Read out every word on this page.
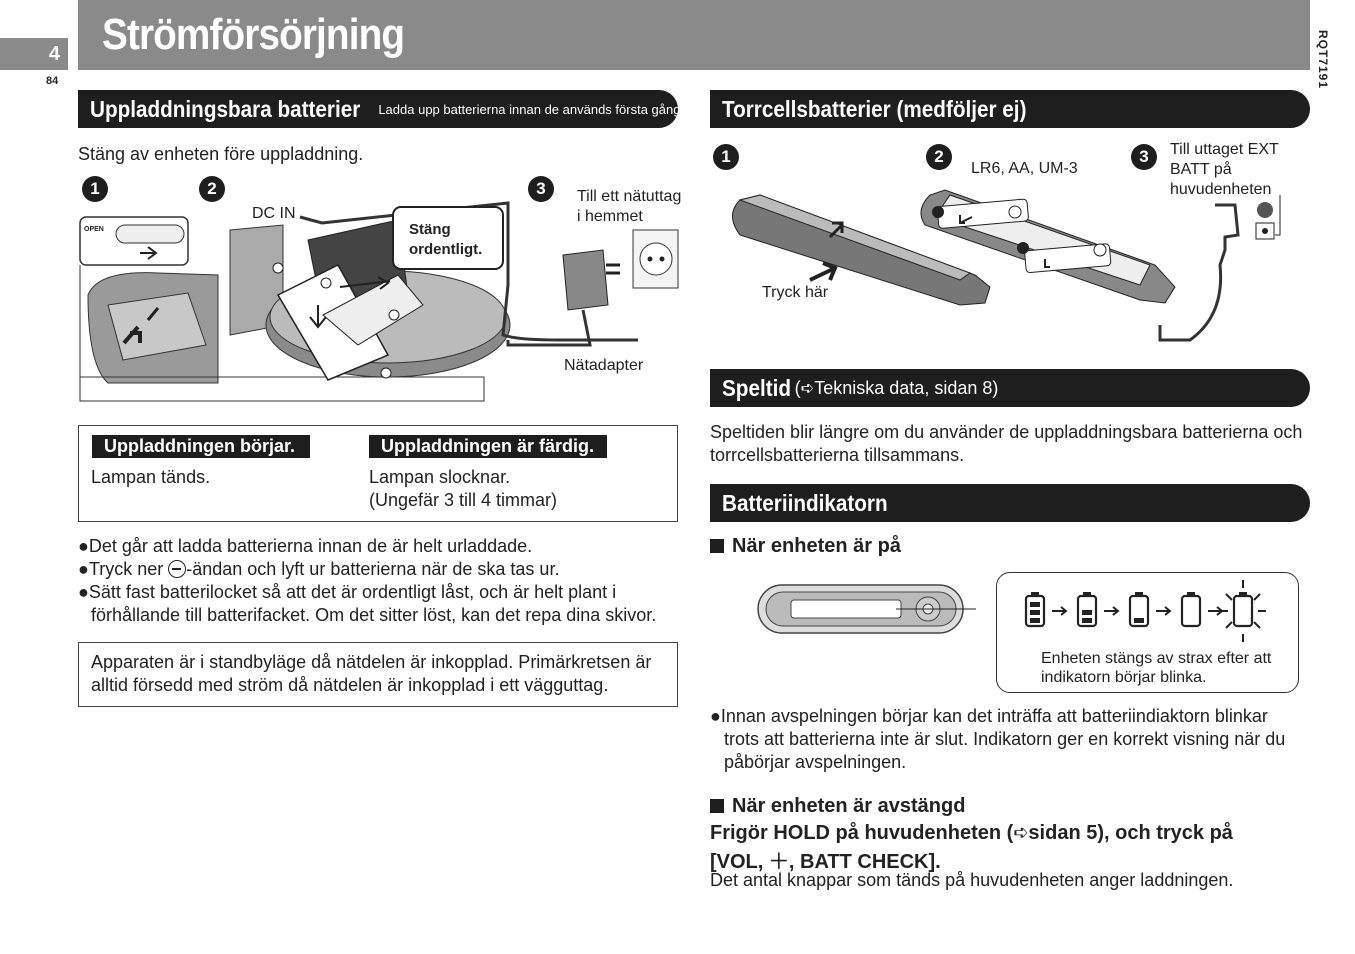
4 Strömförsörjning
84	RQT7191
Uppladdningsbara batterier Ladda upp batterierna innan de används första gången.
Stäng av enheten före uppladdning.
1	2	3
OPEN
DC IN
Stäng ordentligt.
Till ett nätuttag i hemmet
Nätadapter
Uppladdningen börjar.
Lampan tänds.
Uppladdningen är färdig.
Lampan slocknar.
(Ungefär 3 till 4 timmar)
●Det går att ladda batterierna innan de är helt urladdade.
●Tryck ner -ändan och lyft ur batterierna när de ska tas ur.
●Sätt fast batterilocket så att det är ordentligt låst, och är helt plant i
förhållande till batterifacket. Om det sitter löst, kan det repa dina skivor.
Apparaten är i standbyläge då nätdelen är inkopplad. Primärkretsen är
alltid försedd med ström då nätdelen är inkopplad i ett vägguttag.
Torrcellsbatterier (medföljer ej)
1	2	3
LR6, AA, UM-3
Till uttaget EXT BATT på huvudenheten
Tryck här
Speltid (➪Tekniska data, sidan 8)
Speltiden blir längre om du använder de uppladdningsbara batterierna och
torrcellsbatterierna tillsammans.
Batteriindikatorn
När enheten är på
Enheten stängs av strax efter att
indikatorn börjar blinka.
●Innan avspelningen börjar kan det inträffa att batteriindiaktorn blinkar
trots att batterierna inte är slut. Indikatorn ger en korrekt visning när du
påbörjar avspelningen.
När enheten är avstängd
Frigör HOLD på huvudenheten (➪sidan 5), och tryck på
[VOL, ＋, BATT CHECK].
Det antal knappar som tänds på huvudenheten anger laddningen.
